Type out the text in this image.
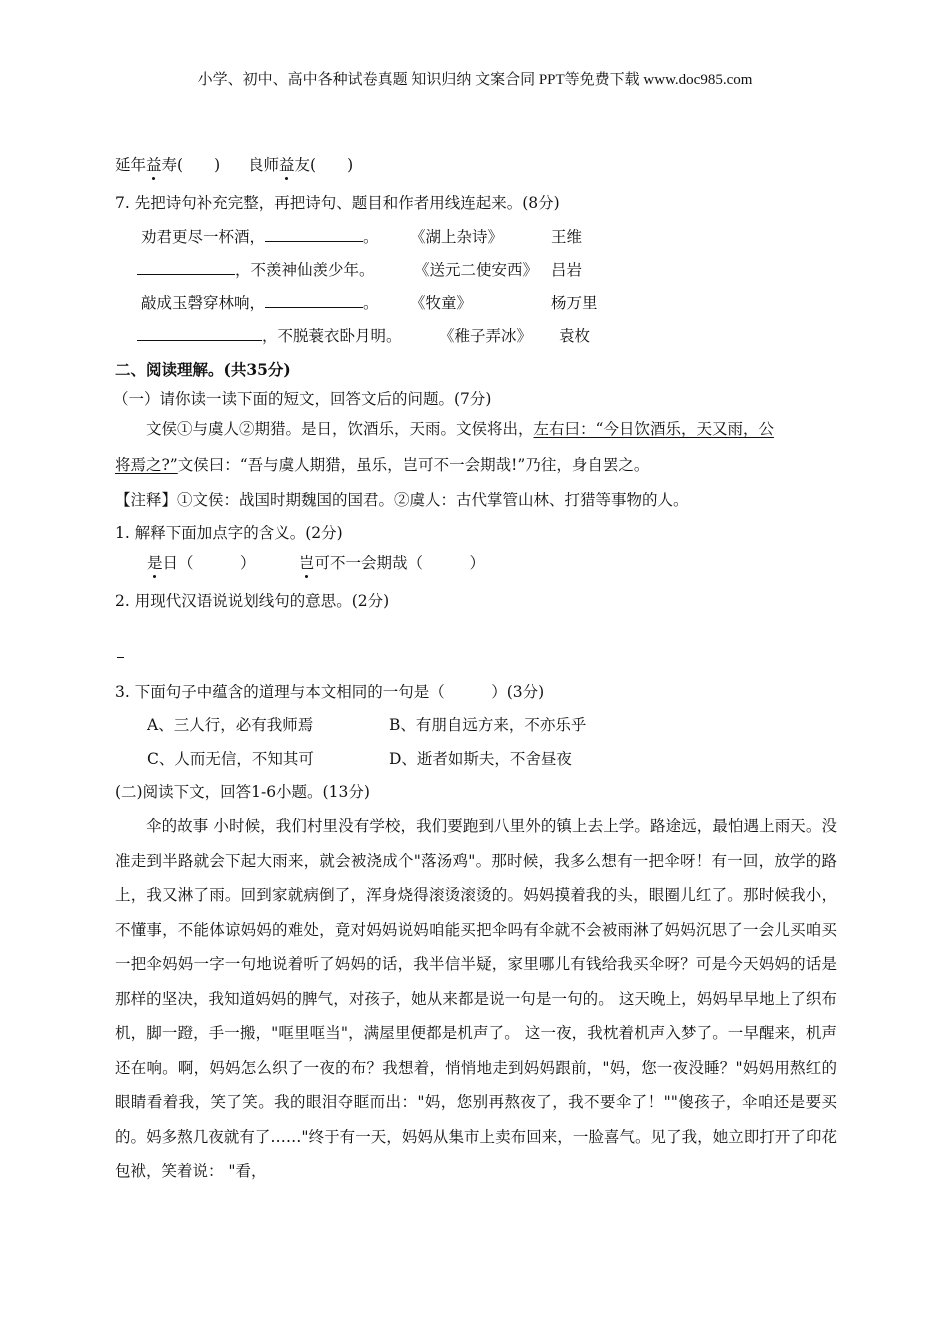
小学、初中、高中各种试卷真题 知识归纳 文案合同 PPT等免费下载 www.doc985.com
延年益寿(　　) 良师益友(　　)
7. 先把诗句补充完整，再把诗句、题目和作者用线连起来。(8分)
劝君更尽一杯酒，	。 《湖上杂诗》	王维
，不羡神仙羡少年。	《送元二使安西》 吕岩
敲成玉磬穿林响，	。 《牧童》	杨万里
，不脱蓑衣卧月明。 《稚子弄冰》 袁枚
二、阅读理解。(共35分)
（一）请你读一读下面的短文，回答文后的问题。(7分)
文侯①与虞人②期猎。是日，饮酒乐，天雨。文侯将出，左右曰：“今日饮酒乐，天又雨，公
将焉之?”文侯曰：“吾与虞人期猎，虽乐，岂可不一会期哉!”乃往，身自罢之。
【注释】①文侯：战国时期魏国的国君。②虞人：古代掌管山林、打猎等事物的人。
1. 解释下面加点字的含义。(2分)
是日（　　　）	岂可不一会期哉（　　　）
2. 用现代汉语说说划线句的意思。(2分)
3. 下面句子中蕴含的道理与本文相同的一句是（　　　）(3分)
A、三人行，必有我师焉	B、有朋自远方来，不亦乐乎
C、人而无信，不知其可	D、逝者如斯夫，不舍昼夜
(二)阅读下文，回答1-6小题。(13分)
伞的故事 小时候，我们村里没有学校，我们要跑到八里外的镇上去上学。路途远，最怕遇上雨天。没准走到半路就会下起大雨来，就会被浇成个"落汤鸡"。那时候，我多么想有一把伞呀！有一回，放学的路上，我又淋了雨。回到家就病倒了，浑身烧得滚烫滚烫的。妈妈摸着我的头，眼圈儿红了。那时候我小，不懂事，不能体谅妈妈的难处，竟对妈妈说妈咱能买把伞吗有伞就不会被雨淋了妈妈沉思了一会儿买咱买一把伞妈妈一字一句地说着听了妈妈的话，我半信半疑，家里哪儿有钱给我买伞呀？可是今天妈妈的话是那样的坚决，我知道妈妈的脾气，对孩子，她从来都是说一句是一句的。 这天晚上，妈妈早早地上了织布机，脚一蹬，手一搬，"哐里哐当"，满屋里便都是机声了。 这一夜，我枕着机声入梦了。一早醒来，机声还在响。啊，妈妈怎么织了一夜的布？我想着，悄悄地走到妈妈跟前，"妈，您一夜没睡？"妈妈用熬红的眼睛看着我，笑了笑。我的眼泪夺眶而出："妈，您别再熬夜了，我不要伞了！""傻孩子，伞咱还是要买的。妈多熬几夜就有了……"终于有一天，妈妈从集市上卖布回来，一脸喜气。见了我，她立即打开了印花包袱，笑着说： "看，
